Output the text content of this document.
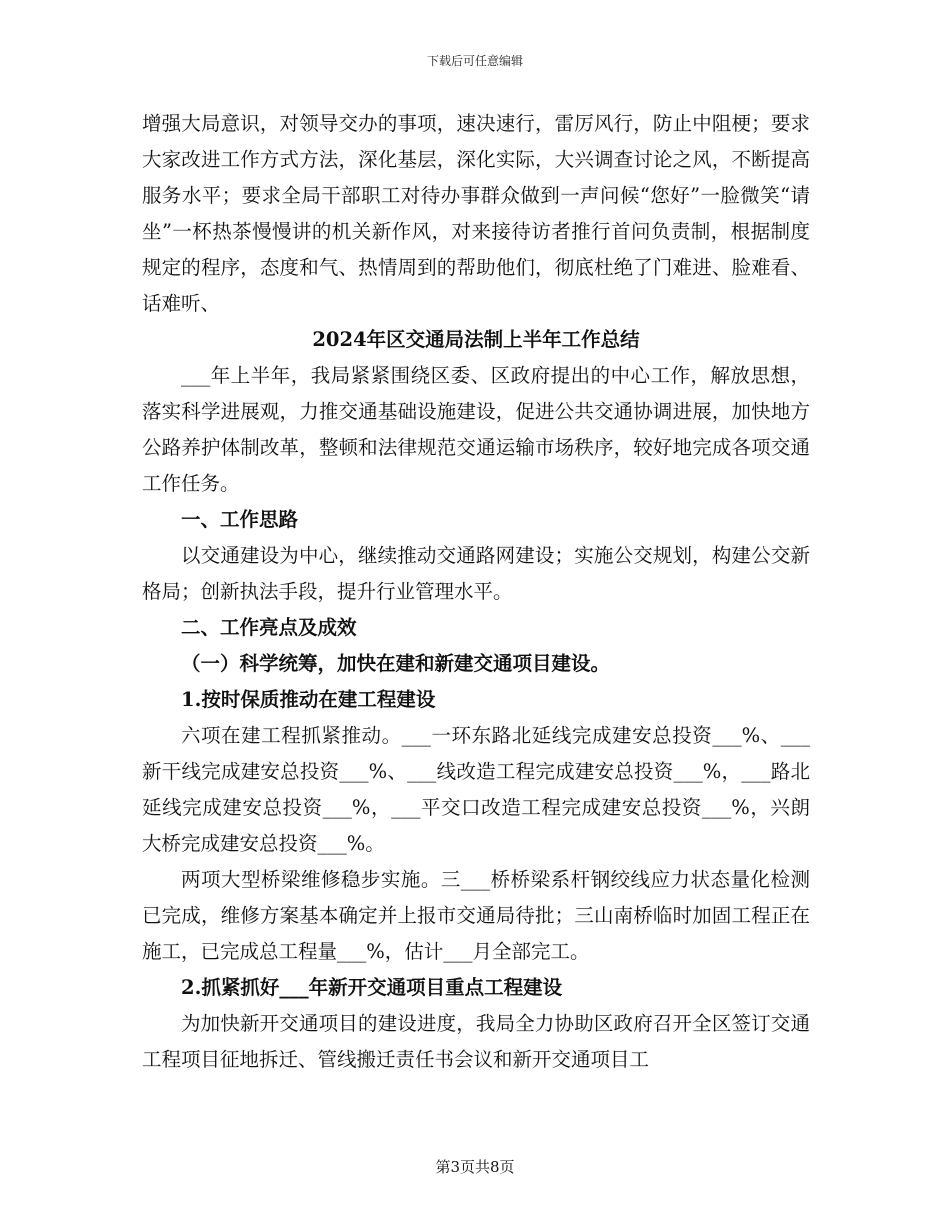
下载后可任意编辑

增强大局意识，对领导交办的事项，速决速行，雷厉风行，防止中阻梗；要求大家改进工作方式方法，深化基层，深化实际，大兴调查讨论之风，不断提高服务水平；要求全局干部职工对待办事群众做到一声问候“您好”一脸微笑“请坐”一杯热茶慢慢讲的机关新作风，对来接待访者推行首问负责制，根据制度规定的程序，态度和气、热情周到的帮助他们，彻底杜绝了门难进、脸难看、话难听、

2024年区交通局法制上半年工作总结

___年上半年，我局紧紧围绕区委、区政府提出的中心工作，解放思想，落实科学进展观，力推交通基础设施建设，促进公共交通协调进展，加快地方公路养护体制改革，整顿和法律规范交通运输市场秩序，较好地完成各项交通工作任务。

一、工作思路

以交通建设为中心，继续推动交通路网建设；实施公交规划，构建公交新格局；创新执法手段，提升行业管理水平。

二、工作亮点及成效

（一）科学统筹，加快在建和新建交通项目建设。

1.按时保质推动在建工程建设

六项在建工程抓紧推动。___一环东路北延线完成建安总投资___%、___新干线完成建安总投资___%、___线改造工程完成建安总投资___%，___路北延线完成建安总投资___%，___平交口改造工程完成建安总投资___%，兴朗大桥完成建安总投资___%。

两项大型桥梁维修稳步实施。三___桥桥梁系杆钢绞线应力状态量化检测已完成，维修方案基本确定并上报市交通局待批；三山南桥临时加固工程正在施工，已完成总工程量___%，估计___月全部完工。

2.抓紧抓好___年新开交通项目重点工程建设

为加快新开交通项目的建设进度，我局全力协助区政府召开全区签订交通工程项目征地拆迁、管线搬迁责任书会议和新开交通项目工

第3页共8页
